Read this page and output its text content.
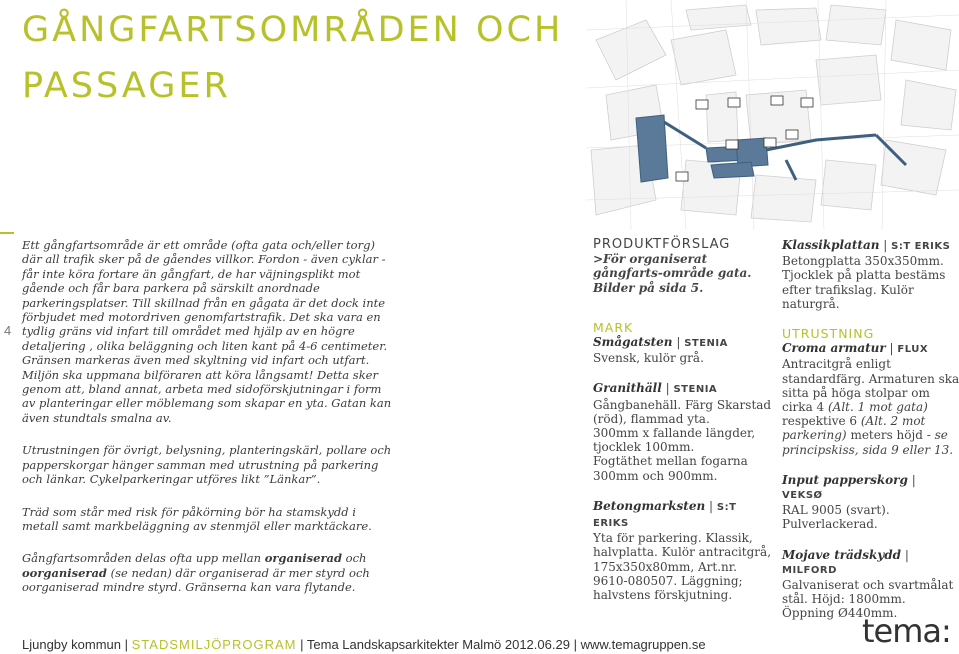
GÅNGFARTSOMRÅDEN OCH
PASSAGER
4

Ett gångfartsområde är ett område (ofta gata och/eller torg) där all trafik sker på de gåendes villkor. Fordon - även cyklar - får inte köra fortare än gångfart, de har väjningsplikt mot gående och får bara parkera på särskilt anordnade parkeringsplatser. Till skillnad från en gågata är det dock inte förbjudet med motordriven genomfartstrafik. Det ska vara en tydlig gräns vid infart till området med hjälp av en högre detaljering , olika beläggning och liten kant på 4-6 centimeter. Gränsen markeras även med skyltning vid infart och utfart. Miljön ska uppmana bilföraren att köra långsamt! Detta sker genom att, bland annat, arbeta med sidoförskjutningar i form av planteringar eller möblemang som skapar en yta. Gatan kan även stundtals smalna av.

Utrustningen för övrigt, belysning, planteringskärl, pollare och papperskorgar hänger samman med utrustning på parkering och länkar. Cykelparkeringar utföres likt ”Länkar”.

Träd som står med risk för påkörning bör ha stamskydd i metall samt markbeläggning av stenmjöl eller marktäckare.

Gångfartsområden delas ofta upp mellan organiserad och oorganiserad (se nedan) där organiserad är mer styrd och oorganiserad mindre styrd. Gränserna kan vara flytande.

PRODUKTFÖRSLAG

>För organiserat gångfarts-område gata. Bilder på sida 5.

MARK

Smågatsten | STENIA

Svensk, kulör grå.

Granithäll | STENIA

Gångbanehäll. Färg Skarstad (röd), flammad yta.

300mm x fallande längder, tjocklek 100mm.

Fogtäthet mellan fogarna 300mm och 900mm.

Betongmarksten | S:T ERIKS

Yta för parkering. Klassik, halvplatta. Kulör antracitgrå, 175x350x80mm, Art.nr. 9610-080507. Läggning; halvstens förskjutning.

Klassikplattan | S:T ERIKS

Betongplatta 350x350mm.

Tjocklek på platta bestäms efter trafikslag. Kulör naturgrå.

UTRUSTNING

Croma armatur | FLUX

Antracitgrå enligt standardfärg. Armaturen ska sitta på höga stolpar om cirka 4 (Alt. 1 mot gata) respektive 6 (Alt. 2 mot parkering) meters höjd - se principskiss, sida 9 eller 13.

Input papperskorg | VEKSØ

RAL 9005 (svart).

Pulverlackerad.

Mojave trädskydd | MILFORD

Galvaniserat och svartmålat stål. Höjd: 1800mm. Öppning Ø440mm.

Ljungby kommun | STADSMILJÖPROGRAM | Tema Landskapsarkitekter Malmö 2012.06.29 | www.temagruppen.se	tema:
